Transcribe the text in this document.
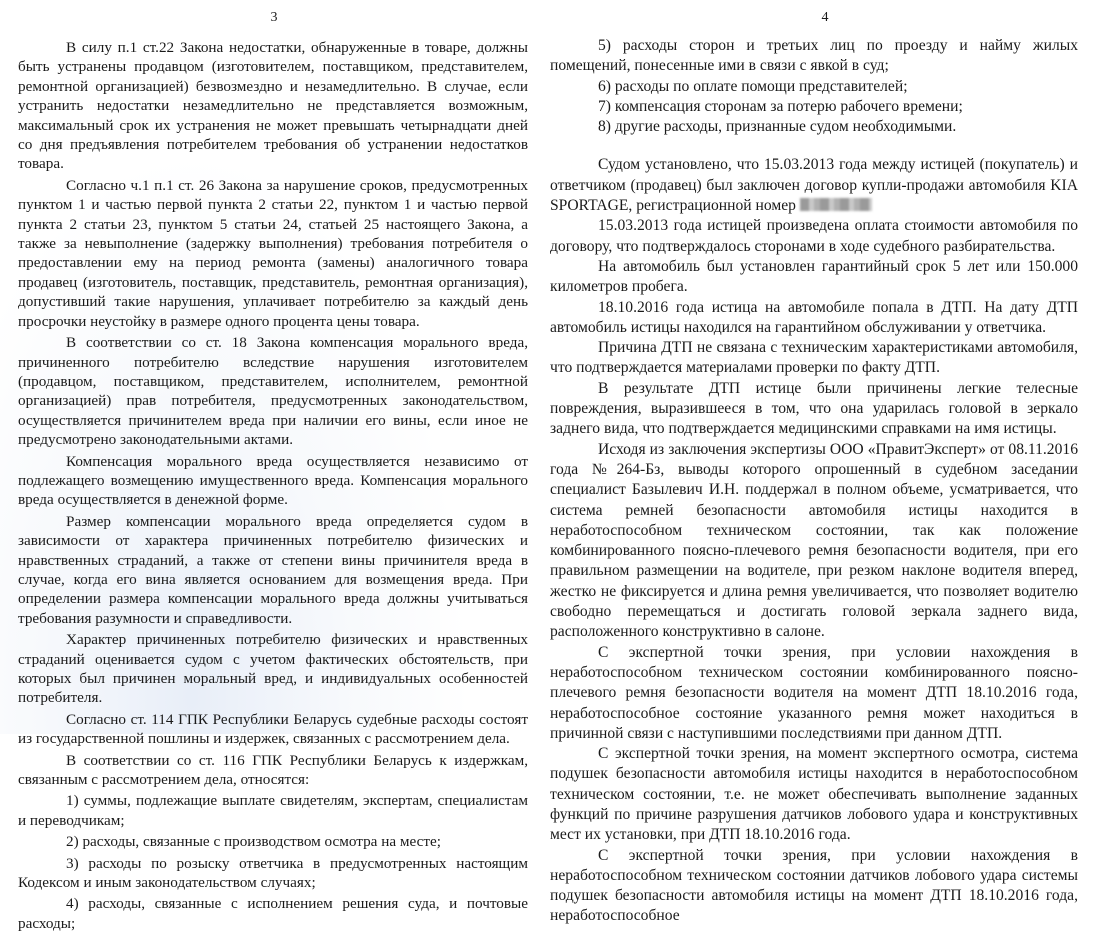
3

В силу п.1 ст.22 Закона недостатки, обнаруженные в товаре, должны быть устранены продавцом (изготовителем, поставщиком, представителем, ремонтной организацией) безвозмездно и незамедлительно. В случае, если устранить недостатки незамедлительно не представляется возможным, максимальный срок их устранения не может превышать четырнадцати дней со дня предъявления потребителем требования об устранении недостатков товара.

Согласно ч.1 п.1 ст. 26 Закона за нарушение сроков, предусмотренных пунктом 1 и частью первой пункта 2 статьи 22, пунктом 1 и частью первой пункта 2 статьи 23, пунктом 5 статьи 24, статьей 25 настоящего Закона, а также за невыполнение (задержку выполнения) требования потребителя о предоставлении ему на период ремонта (замены) аналогичного товара продавец (изготовитель, поставщик, представитель, ремонтная организация), допустивший такие нарушения, уплачивает потребителю за каждый день просрочки неустойку в размере одного процента цены товара.

В соответствии со ст. 18 Закона компенсация морального вреда, причиненного потребителю вследствие нарушения изготовителем (продавцом, поставщиком, представителем, исполнителем, ремонтной организацией) прав потребителя, предусмотренных законодательством, осуществляется причинителем вреда при наличии его вины, если иное не предусмотрено законодательными актами.

Компенсация морального вреда осуществляется независимо от подлежащего возмещению имущественного вреда. Компенсация морального вреда осуществляется в денежной форме.

Размер компенсации морального вреда определяется судом в зависимости от характера причиненных потребителю физических и нравственных страданий, а также от степени вины причинителя вреда в случае, когда его вина является основанием для возмещения вреда. При определении размера компенсации морального вреда должны учитываться требования разумности и справедливости.

Характер причиненных потребителю физических и нравственных страданий оценивается судом с учетом фактических обстоятельств, при которых был причинен моральный вред, и индивидуальных особенностей потребителя.

Согласно ст. 114 ГПК Республики Беларусь судебные расходы состоят из государственной пошлины и издержек, связанных с рассмотрением дела.

В соответствии со ст. 116 ГПК Республики Беларусь к издержкам, связанным с рассмотрением дела, относятся:

1) суммы, подлежащие выплате свидетелям, экспертам, специалистам и переводчикам;

2) расходы, связанные с производством осмотра на месте;

3) расходы по розыску ответчика в предусмотренных настоящим Кодексом и иным законодательством случаях;

4) расходы, связанные с исполнением решения суда, и почтовые расходы;

4

5) расходы сторон и третьих лиц по проезду и найму жилых помещений, понесенные ими в связи с явкой в суд;

6) расходы по оплате помощи представителей;

7) компенсация сторонам за потерю рабочего времени;

8) другие расходы, признанные судом необходимыми.

Судом установлено, что 15.03.2013 года между истицей (покупатель) и ответчиком (продавец) был заключен договор купли-продажи автомобиля KIA SPORTAGE, регистрационной номер

15.03.2013 года истицей произведена оплата стоимости автомобиля по договору, что подтверждалось сторонами в ходе судебного разбирательства.

На автомобиль был установлен гарантийный срок 5 лет или 150.000 километров пробега.

18.10.2016 года истица на автомобиле попала в ДТП. На дату ДТП автомобиль истицы находился на гарантийном обслуживании у ответчика.

Причина ДТП не связана с техническим характеристиками автомобиля, что подтверждается материалами проверки по факту ДТП.

В результате ДТП истице были причинены легкие телесные повреждения, выразившееся в том, что она ударилась головой в зеркало заднего вида, что подтверждается медицинскими справками на имя истицы.

Исходя из заключения экспертизы ООО «ПравитЭксперт» от 08.11.2016 года №264-Бз, выводы которого опрошенный в судебном заседании специалист Базылевич И.Н. поддержал в полном объеме, усматривается, что система ремней безопасности автомобиля истицы находится в неработоспособном техническом состоянии, так как положение комбинированного поясно-плечевого ремня безопасности водителя, при его правильном размещении на водителе, при резком наклоне водителя вперед, жестко не фиксируется и длина ремня увеличивается, что позволяет водителю свободно перемещаться и достигать головой зеркала заднего вида, расположенного конструктивно в салоне.

С экспертной точки зрения, при условии нахождения в неработоспособном техническом состоянии комбинированного поясно-плечевого ремня безопасности водителя на момент ДТП 18.10.2016 года, неработоспособное состояние указанного ремня может находиться в причинной связи с наступившими последствиями при данном ДТП.

С экспертной точки зрения, на момент экспертного осмотра, система подушек безопасности автомобиля истицы находится в неработоспособном техническом состоянии, т.е. не может обеспечивать выполнение заданных функций по причине разрушения датчиков лобового удара и конструктивных мест их установки, при ДТП 18.10.2016 года.

С экспертной точки зрения, при условии нахождения в неработоспособном техническом состоянии датчиков лобового удара системы подушек безопасности автомобиля истицы на момент ДТП 18.10.2016 года, неработоспособное
